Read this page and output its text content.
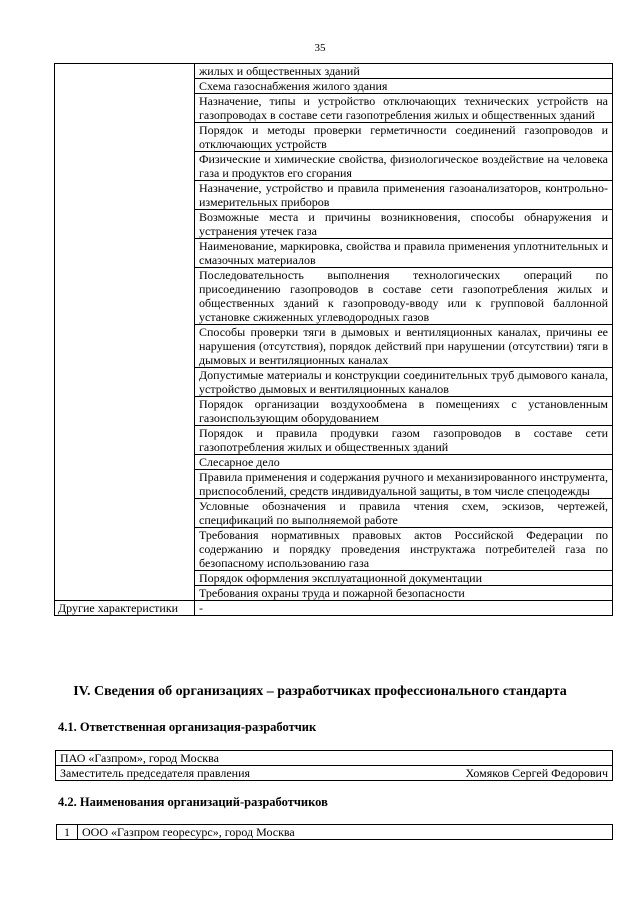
35
	жилых и общественных зданий
	Схема газоснабжения жилого здания
	Назначение, типы и устройство отключающих технических устройств на газопроводах в составе сети газопотребления жилых и общественных зданий
	Порядок и методы проверки герметичности соединений газопроводов и отключающих устройств
	Физические и химические свойства, физиологическое воздействие на человека газа и продуктов его сгорания
	Назначение, устройство и правила применения газоанализаторов, контрольно-измерительных приборов
	Возможные места и причины возникновения, способы обнаружения и устранения утечек газа
	Наименование, маркировка, свойства и правила применения уплотнительных и смазочных материалов
	Последовательность выполнения технологических операций по присоединению газопроводов в составе сети газопотребления жилых и общественных зданий к газопроводу-вводу или к групповой баллонной установке сжиженных углеводородных газов
	Способы проверки тяги в дымовых и вентиляционных каналах, причины ее нарушения (отсутствия), порядок действий при нарушении (отсутствии) тяги в дымовых и вентиляционных каналах
	Допустимые материалы и конструкции соединительных труб дымового канала, устройство дымовых и вентиляционных каналов
	Порядок организации воздухообмена в помещениях с установленным газоиспользующим оборудованием
	Порядок и правила продувки газом газопроводов в составе сети газопотребления жилых и общественных зданий
	Слесарное дело
	Правила применения и содержания ручного и механизированного инструмента, приспособлений, средств индивидуальной защиты, в том числе спецодежды
	Условные обозначения и правила чтения схем, эскизов, чертежей, спецификаций по выполняемой работе
	Требования нормативных правовых актов Российской Федерации по содержанию и порядку проведения инструктажа потребителей газа по безопасному использованию газа
	Порядок оформления эксплуатационной документации
	Требования охраны труда и пожарной безопасности
Другие характеристики	-
IV. Сведения об организациях – разработчиках профессионального стандарта
4.1. Ответственная организация-разработчик
ПАО «Газпром», город Москва

Заместитель председателя правления	Хомяков Сергей Федорович
4.2. Наименования организаций-разработчиков
1	ООО «Газпром георесурс», город Москва
